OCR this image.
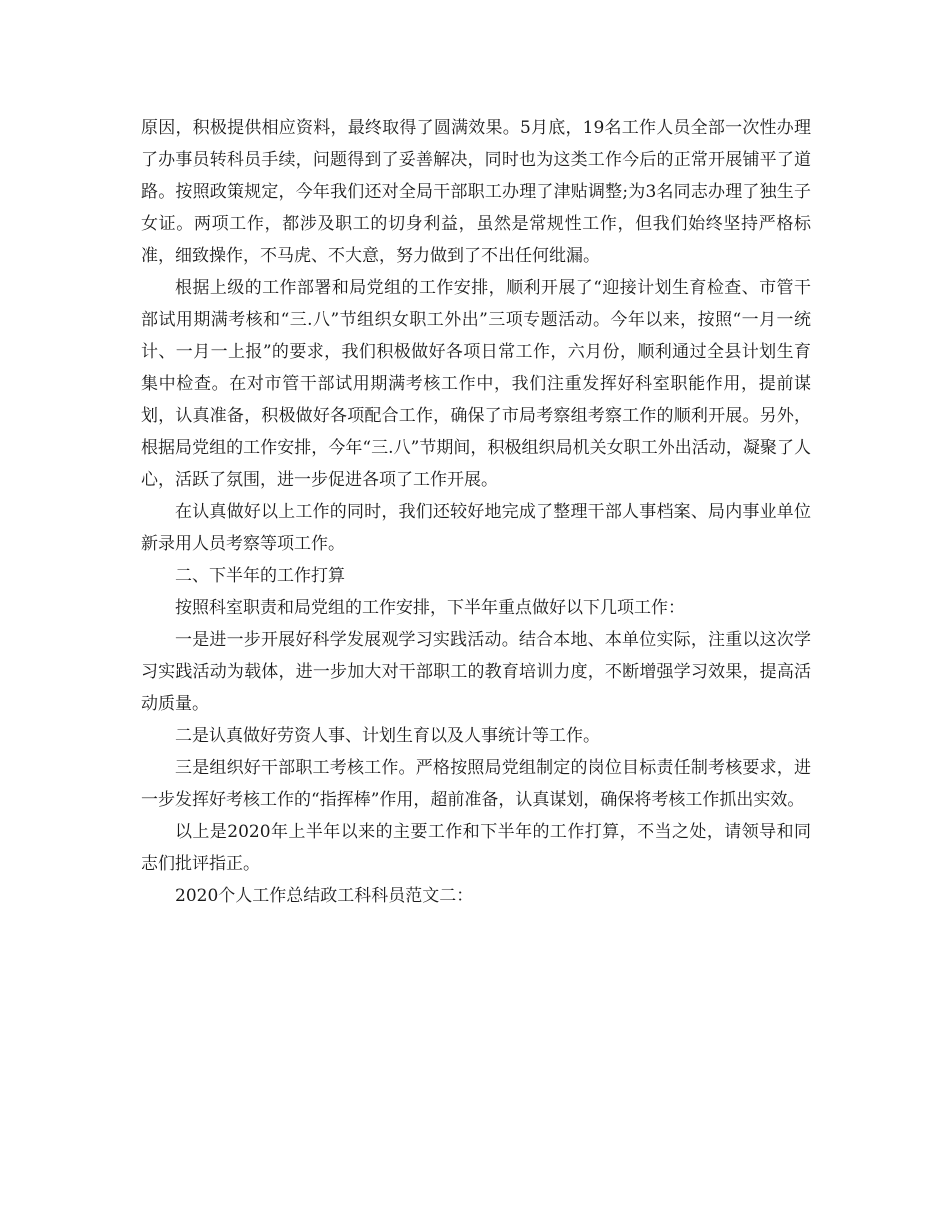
原因，积极提供相应资料，最终取得了圆满效果。5月底，19名工作人员全部一次性办理了办事员转科员手续，问题得到了妥善解决，同时也为这类工作今后的正常开展铺平了道路。按照政策规定，今年我们还对全局干部职工办理了津贴调整;为3名同志办理了独生子女证。两项工作，都涉及职工的切身利益，虽然是常规性工作，但我们始终坚持严格标准，细致操作，不马虎、不大意，努力做到了不出任何纰漏。

根据上级的工作部署和局党组的工作安排，顺利开展了“迎接计划生育检查、市管干部试用期满考核和“三.八”节组织女职工外出”三项专题活动。今年以来，按照“一月一统计、一月一上报”的要求，我们积极做好各项日常工作，六月份，顺利通过全县计划生育集中检查。在对市管干部试用期满考核工作中，我们注重发挥好科室职能作用，提前谋划，认真准备，积极做好各项配合工作，确保了市局考察组考察工作的顺利开展。另外，根据局党组的工作安排，今年“三.八”节期间，积极组织局机关女职工外出活动，凝聚了人心，活跃了氛围，进一步促进各项了工作开展。

在认真做好以上工作的同时，我们还较好地完成了整理干部人事档案、局内事业单位新录用人员考察等项工作。

二、下半年的工作打算

按照科室职责和局党组的工作安排，下半年重点做好以下几项工作：

一是进一步开展好科学发展观学习实践活动。结合本地、本单位实际，注重以这次学习实践活动为载体，进一步加大对干部职工的教育培训力度，不断增强学习效果，提高活动质量。

二是认真做好劳资人事、计划生育以及人事统计等工作。

三是组织好干部职工考核工作。严格按照局党组制定的岗位目标责任制考核要求，进一步发挥好考核工作的“指挥棒”作用，超前准备，认真谋划，确保将考核工作抓出实效。

以上是2020年上半年以来的主要工作和下半年的工作打算，不当之处，请领导和同志们批评指正。

2020个人工作总结政工科科员范文二：
